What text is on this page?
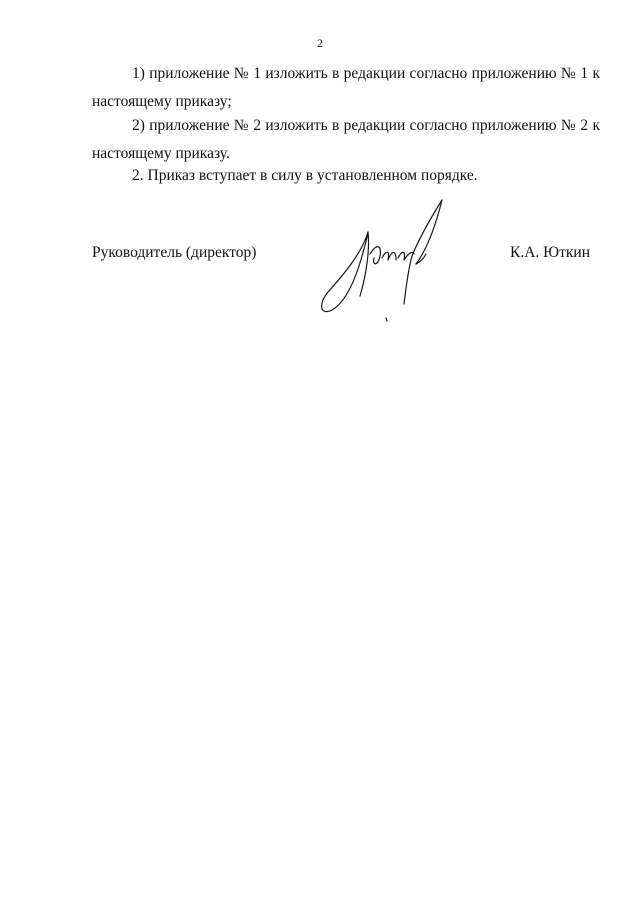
2

1) приложение № 1 изложить в редакции согласно приложению № 1 к настоящему приказу;

2) приложение № 2 изложить в редакции согласно приложению № 2 к настоящему приказу.

2. Приказ вступает в силу в установленном порядке.

Руководитель (директор)	К.А. Юткин
